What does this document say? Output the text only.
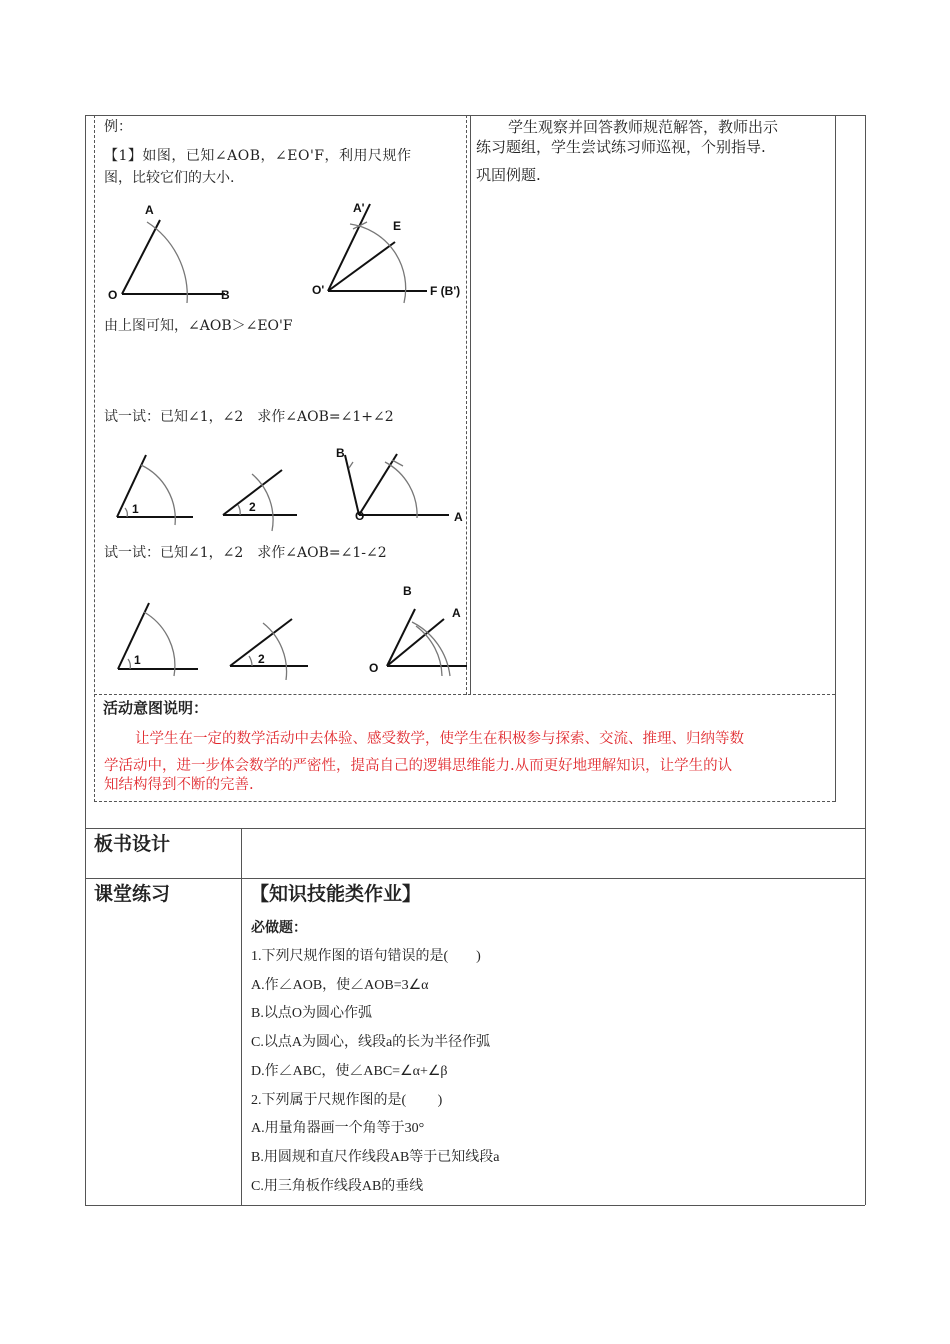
例：
【1】如图，已知∠AOB，∠EO'F，利用尺规作
图，比较它们的大小.
A
O	B
A'
E
O'	F (B')
由上图可知，∠AOB＞∠EO'F
试一试：已知∠1，∠2　求作∠AOB=∠1+∠2
1	2
B
O	A
试一试：已知∠1，∠2　求作∠AOB=∠1-∠2
1	2
B
O
A
学生观察并回答教师规范解答，教师出示
练习题组，学生尝试练习师巡视，个别指导.
巩固例题.
活动意图说明：
让学生在一定的数学活动中去体验、感受数学，使学生在积极参与探索、交流、推理、归纳等数
学活动中，进一步体会数学的严密性，提高自己的逻辑思维能力.从而更好地理解知识，让学生的认
知结构得到不断的完善.
板书设计
课堂练习	【知识技能类作业】
必做题：
1.下列尺规作图的语句错误的是(　　)
A.作∠AOB，使∠AOB=3∠α
B.以点O为圆心作弧
C.以点A为圆心，线段a的长为半径作弧
D.作∠ABC，使∠ABC=∠α+∠β
2.下列属于尺规作图的是(　　 )
A.用量角器画一个角等于30°
B.用圆规和直尺作线段AB等于已知线段a
C.用三角板作线段AB的垂线
